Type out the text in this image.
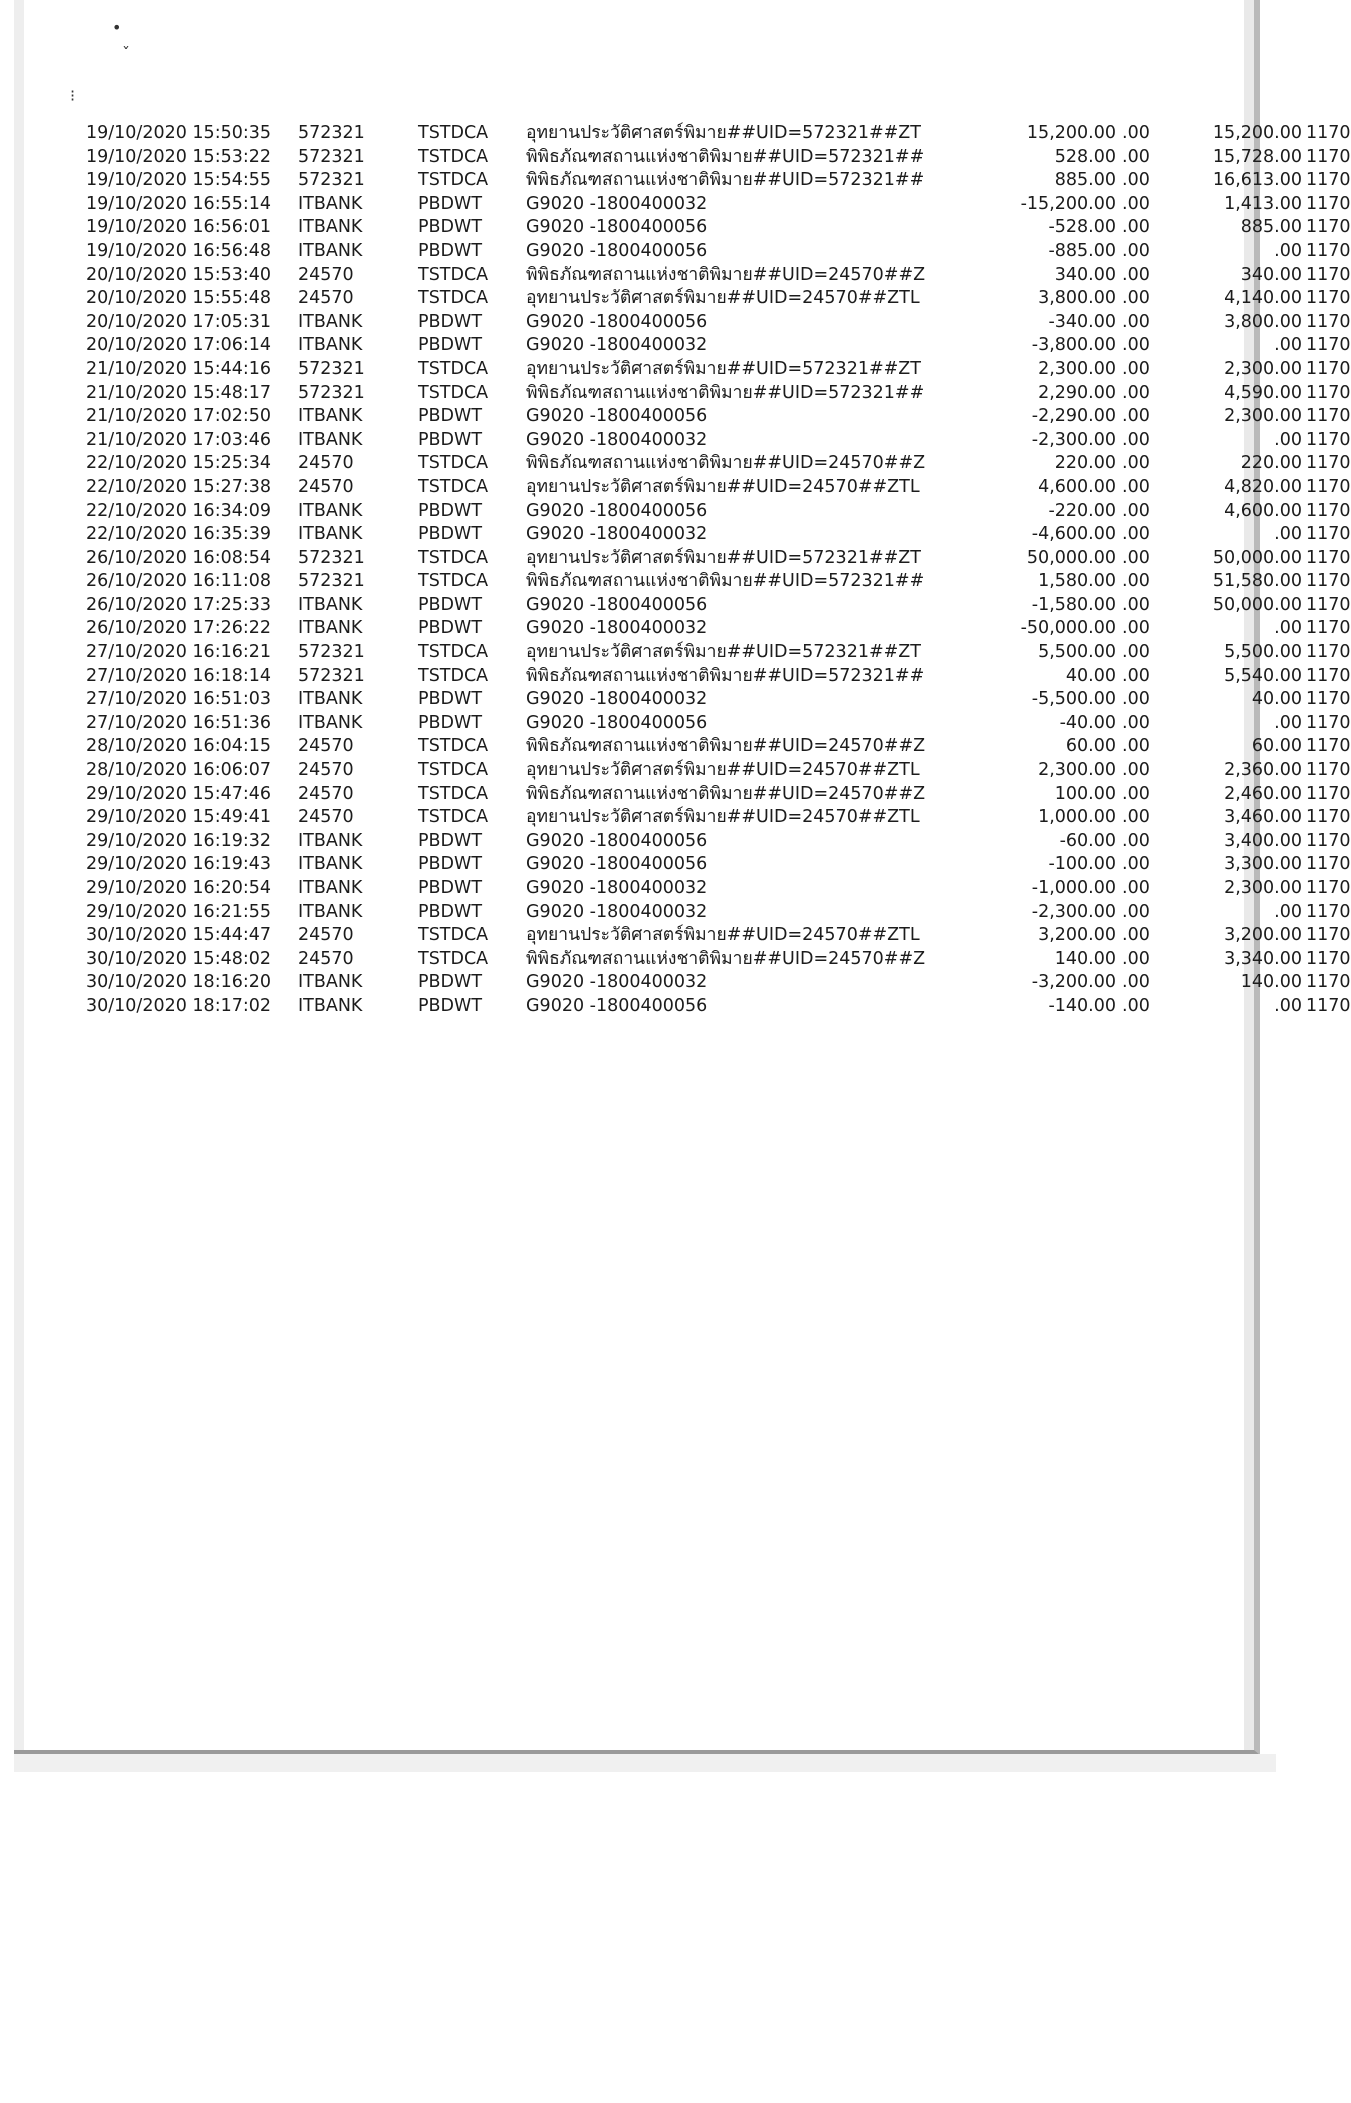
•
ˇ
⁝
19/10/2020 15:50:35 572321	TSTDCA อุทยานประวัติศาสตร์พิมาย##UID=572321##ZT	15,200.00 .00	15,200.00 1170
19/10/2020 15:53:22 572321	TSTDCA พิพิธภัณฑสถานแห่งชาติพิมาย##UID=572321##	528.00 .00	15,728.00 1170
19/10/2020 15:54:55 572321	TSTDCA พิพิธภัณฑสถานแห่งชาติพิมาย##UID=572321##	885.00 .00	16,613.00 1170
19/10/2020 16:55:14 ITBANK	PBDWT	G9020 -1800400032	-15,200.00 .00	1,413.00 1170
19/10/2020 16:56:01 ITBANK	PBDWT	G9020 -1800400056	-528.00 .00	885.00 1170
19/10/2020 16:56:48 ITBANK	PBDWT	G9020 -1800400056	-885.00 .00	.00 1170
20/10/2020 15:53:40 24570	TSTDCA พิพิธภัณฑสถานแห่งชาติพิมาย##UID=24570##Z	340.00 .00	340.00 1170
20/10/2020 15:55:48 24570	TSTDCA อุทยานประวัติศาสตร์พิมาย##UID=24570##ZTL	3,800.00 .00	4,140.00 1170
20/10/2020 17:05:31 ITBANK	PBDWT	G9020 -1800400056	-340.00 .00	3,800.00 1170
20/10/2020 17:06:14 ITBANK	PBDWT	G9020 -1800400032	-3,800.00 .00	.00 1170
21/10/2020 15:44:16 572321	TSTDCA อุทยานประวัติศาสตร์พิมาย##UID=572321##ZT	2,300.00 .00	2,300.00 1170
21/10/2020 15:48:17 572321	TSTDCA พิพิธภัณฑสถานแห่งชาติพิมาย##UID=572321##	2,290.00 .00	4,590.00 1170
21/10/2020 17:02:50 ITBANK	PBDWT	G9020 -1800400056	-2,290.00 .00	2,300.00 1170
21/10/2020 17:03:46 ITBANK	PBDWT	G9020 -1800400032	-2,300.00 .00	.00 1170
22/10/2020 15:25:34 24570	TSTDCA พิพิธภัณฑสถานแห่งชาติพิมาย##UID=24570##Z	220.00 .00	220.00 1170
22/10/2020 15:27:38 24570	TSTDCA อุทยานประวัติศาสตร์พิมาย##UID=24570##ZTL	4,600.00 .00	4,820.00 1170
22/10/2020 16:34:09 ITBANK	PBDWT	G9020 -1800400056	-220.00 .00	4,600.00 1170
22/10/2020 16:35:39 ITBANK	PBDWT	G9020 -1800400032	-4,600.00 .00	.00 1170
26/10/2020 16:08:54 572321	TSTDCA อุทยานประวัติศาสตร์พิมาย##UID=572321##ZT	50,000.00 .00	50,000.00 1170
26/10/2020 16:11:08 572321	TSTDCA พิพิธภัณฑสถานแห่งชาติพิมาย##UID=572321##	1,580.00 .00	51,580.00 1170
26/10/2020 17:25:33 ITBANK	PBDWT	G9020 -1800400056	-1,580.00 .00	50,000.00 1170
26/10/2020 17:26:22 ITBANK	PBDWT	G9020 -1800400032	-50,000.00 .00	.00 1170
27/10/2020 16:16:21 572321	TSTDCA อุทยานประวัติศาสตร์พิมาย##UID=572321##ZT	5,500.00 .00	5,500.00 1170
27/10/2020 16:18:14 572321	TSTDCA พิพิธภัณฑสถานแห่งชาติพิมาย##UID=572321##	40.00 .00	5,540.00 1170
27/10/2020 16:51:03 ITBANK	PBDWT	G9020 -1800400032	-5,500.00 .00	40.00 1170
27/10/2020 16:51:36 ITBANK	PBDWT	G9020 -1800400056	-40.00 .00	.00 1170
28/10/2020 16:04:15 24570	TSTDCA พิพิธภัณฑสถานแห่งชาติพิมาย##UID=24570##Z	60.00 .00	60.00 1170
28/10/2020 16:06:07 24570	TSTDCA อุทยานประวัติศาสตร์พิมาย##UID=24570##ZTL	2,300.00 .00	2,360.00 1170
29/10/2020 15:47:46 24570	TSTDCA พิพิธภัณฑสถานแห่งชาติพิมาย##UID=24570##Z	100.00 .00	2,460.00 1170
29/10/2020 15:49:41 24570	TSTDCA อุทยานประวัติศาสตร์พิมาย##UID=24570##ZTL	1,000.00 .00	3,460.00 1170
29/10/2020 16:19:32 ITBANK	PBDWT	G9020 -1800400056	-60.00 .00	3,400.00 1170
29/10/2020 16:19:43 ITBANK	PBDWT	G9020 -1800400056	-100.00 .00	3,300.00 1170
29/10/2020 16:20:54 ITBANK	PBDWT	G9020 -1800400032	-1,000.00 .00	2,300.00 1170
29/10/2020 16:21:55 ITBANK	PBDWT	G9020 -1800400032	-2,300.00 .00	.00 1170
30/10/2020 15:44:47 24570	TSTDCA อุทยานประวัติศาสตร์พิมาย##UID=24570##ZTL	3,200.00 .00	3,200.00 1170
30/10/2020 15:48:02 24570	TSTDCA พิพิธภัณฑสถานแห่งชาติพิมาย##UID=24570##Z	140.00 .00	3,340.00 1170
30/10/2020 18:16:20 ITBANK	PBDWT	G9020 -1800400032	-3,200.00 .00	140.00 1170
30/10/2020 18:17:02 ITBANK	PBDWT	G9020 -1800400056	-140.00 .00	.00 1170
